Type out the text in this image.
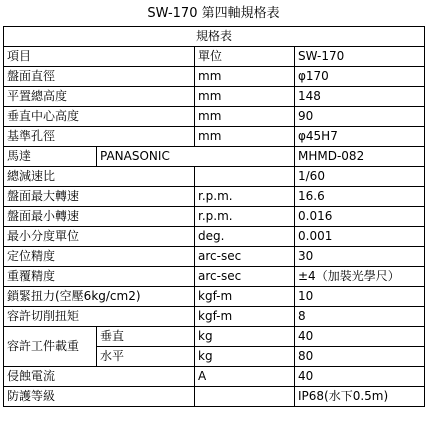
SW-170 第四軸規格表
規格表			
項目		單位	SW-170
盤面直徑		mm	φ170
平置總高度		mm	148
垂直中心高度		mm	90
基準孔徑		mm	φ45H7
馬達	PANASONIC		MHMD-082
總減速比			1/60
盤面最大轉速		r.p.m.	16.6
盤面最小轉速		r.p.m.	0.016
最小分度單位		deg.	0.001
定位精度		arc-sec	30
重覆精度		arc-sec	±4（加裝光學尺）
鎖緊扭力(空壓6kg/cm2)		kgf-m	10
容許切削扭矩		kgf-m	8
容許工件載重	垂直	kg	40
	水平	kg	80
侵蝕電流		A	40
防護等級			IP68(水下0.5m)
